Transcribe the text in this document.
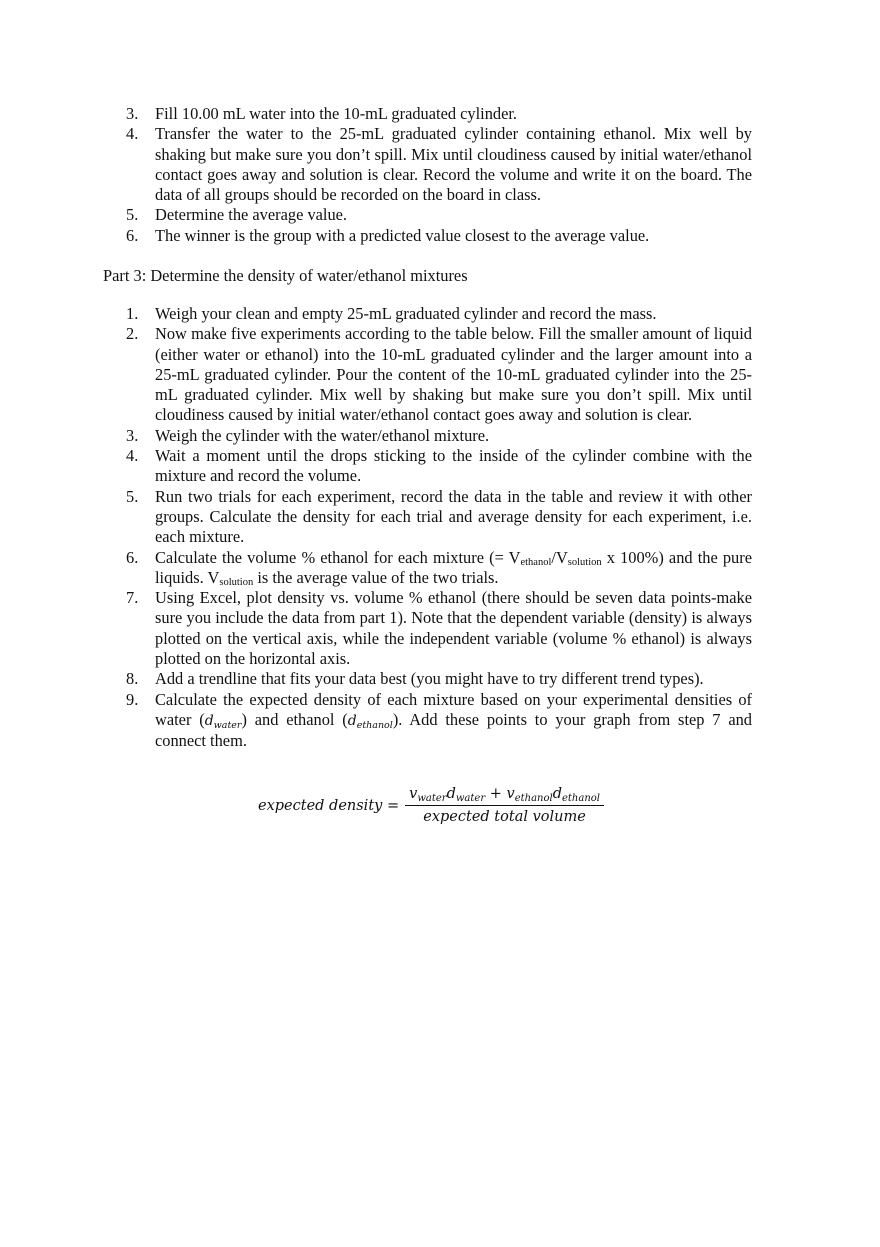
3. Fill 10.00 mL water into the 10-mL graduated cylinder.
4. Transfer the water to the 25-mL graduated cylinder containing ethanol. Mix well by shaking but make sure you don’t spill. Mix until cloudiness caused by initial water/ethanol contact goes away and solution is clear. Record the volume and write it on the board. The data of all groups should be recorded on the board in class.
5. Determine the average value.
6. The winner is the group with a predicted value closest to the average value.
Part 3: Determine the density of water/ethanol mixtures
1. Weigh your clean and empty 25-mL graduated cylinder and record the mass.
2. Now make five experiments according to the table below. Fill the smaller amount of liquid (either water or ethanol) into the 10-mL graduated cylinder and the larger amount into a 25-mL graduated cylinder. Pour the content of the 10-mL graduated cylinder into the 25-mL graduated cylinder. Mix well by shaking but make sure you don’t spill. Mix until cloudiness caused by initial water/ethanol contact goes away and solution is clear.
3. Weigh the cylinder with the water/ethanol mixture.
4. Wait a moment until the drops sticking to the inside of the cylinder combine with the mixture and record the volume.
5. Run two trials for each experiment, record the data in the table and review it with other groups. Calculate the density for each trial and average density for each experiment, i.e. each mixture.
6. Calculate the volume % ethanol for each mixture (= $V_{ethanol}/V_{solution}$ x 100%) and the pure liquids. $V_{solution}$ is the average value of the two trials.
7. Using Excel, plot density vs. volume % ethanol (there should be seven data points-make sure you include the data from part 1). Note that the dependent variable (density) is always plotted on the vertical axis, while the independent variable (volume % ethanol) is always plotted on the horizontal axis.
8. Add a trendline that fits your data best (you might have to try different trend types).
9. Calculate the expected density of each mixture based on your experimental densities of water $(d_{water})$ and ethanol $(d_{ethanol})$. Add these points to your graph from step 7 and connect them.
expected density = $\frac{v_{water}d_{water} + v_{ethanol}d_{ethanol}}{\text{expected total volume}}$
